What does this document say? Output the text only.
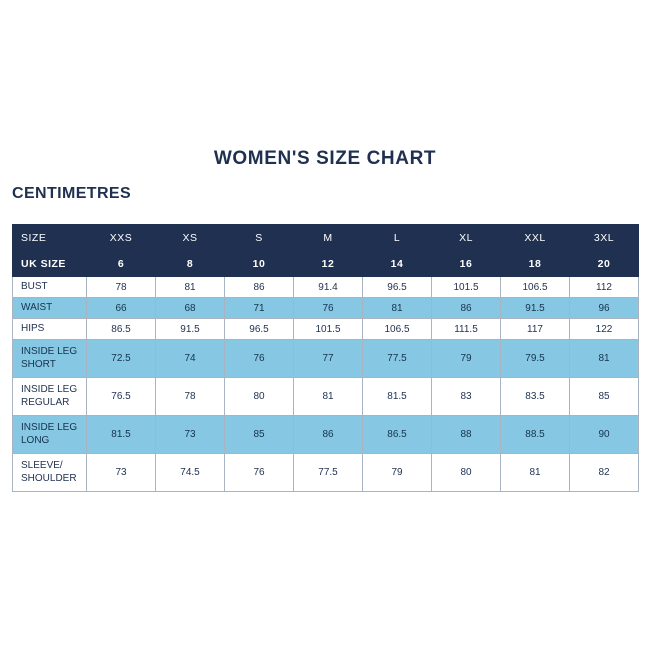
WOMEN'S SIZE CHART
CENTIMETRES
SIZE	XXS	XS	S	M	L	XL	XXL	3XL
UK SIZE	6	8	10	12	14	16	18	20

BUST	78	81	86	91.4	96.5	101.5	106.5	112

WAIST	66	68	71	76	81	86	91.5	96

HIPS	86.5	91.5	96.5	101.5	106.5	111.5	117	122

INSIDE LEG
SHORT	72.5	74	76	77	77.5	79	79.5	81

INSIDE LEG
REGULAR	76.5	78	80	81	81.5	83	83.5	85

INSIDE LEG
LONG	81.5	73	85	86	86.5	88	88.5	90

SLEEVE/
SHOULDER	73	74.5	76	77.5	79	80	81	82
